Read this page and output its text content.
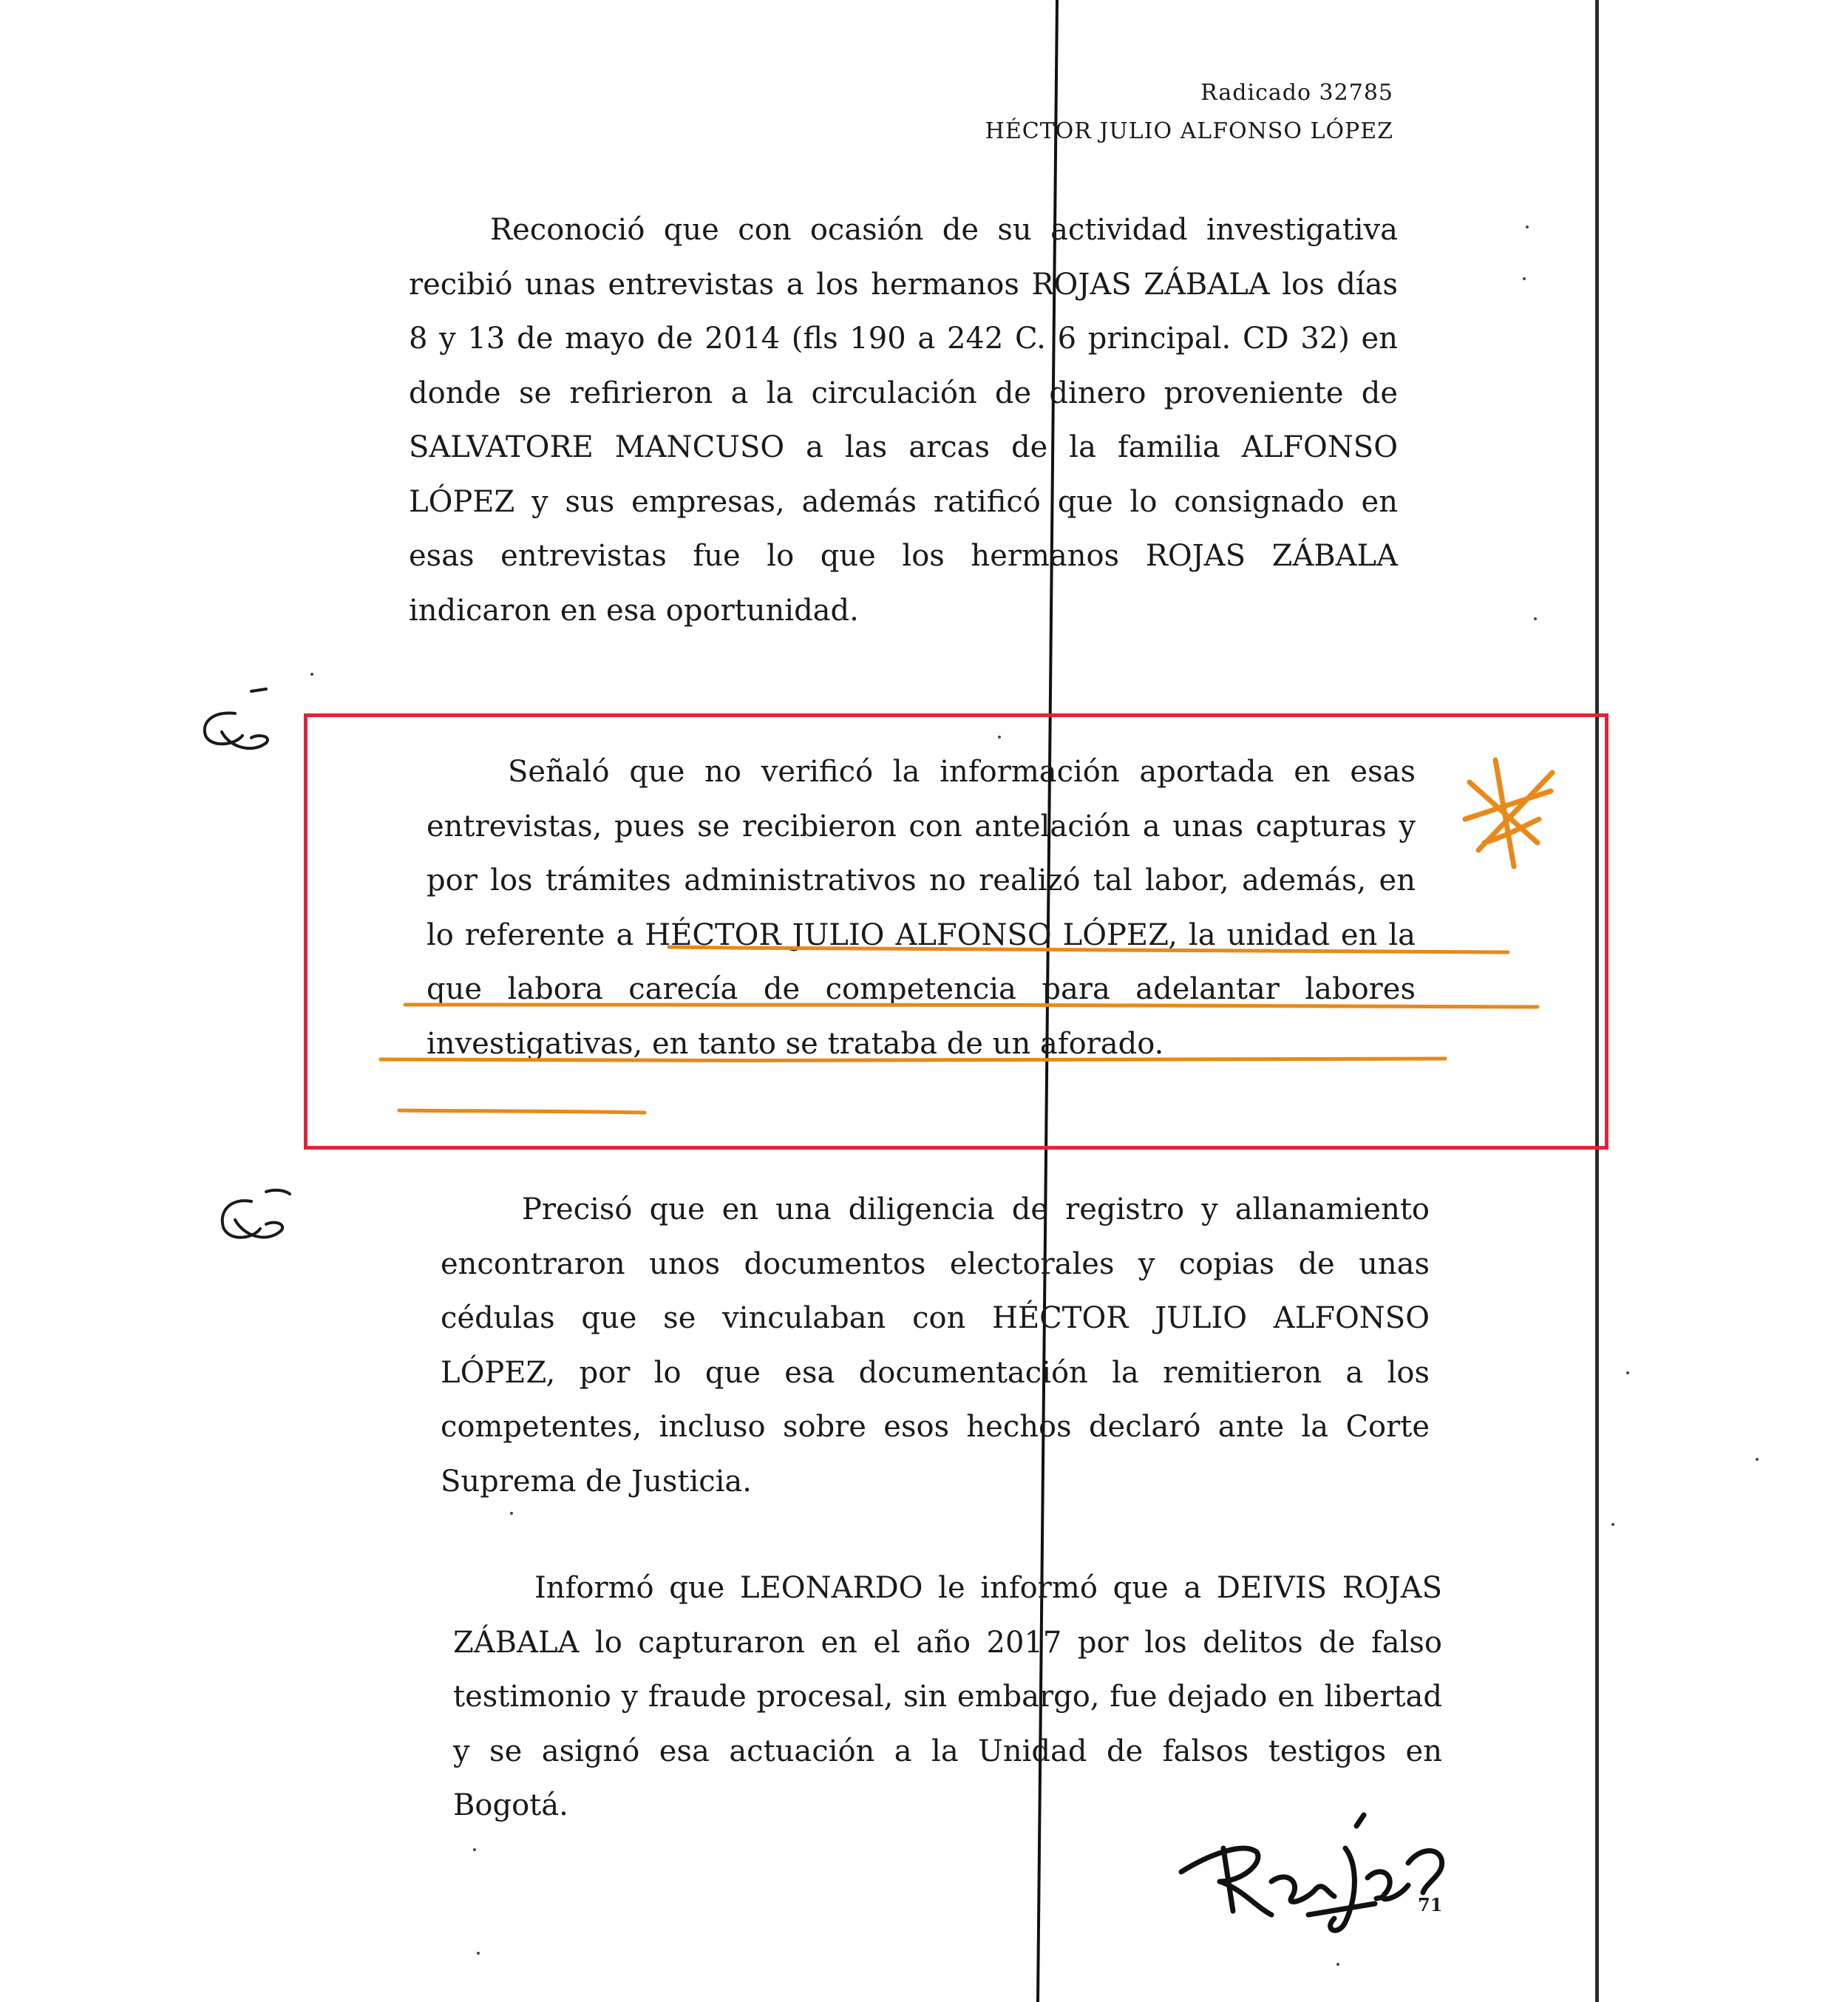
Radicado 32785
HÉCTOR JULIO ALFONSO LÓPEZ
Reconoció que con ocasión de su actividad investigativa recibió unas entrevistas a los hermanos ROJAS ZÁBALA los días 8 y 13 de mayo de 2014 (fls 190 a 242 C. 6 principal. CD 32) en donde se refirieron a la circulación de dinero proveniente de SALVATORE MANCUSO a las arcas de la familia ALFONSO LÓPEZ y sus empresas, además ratificó que lo consignado en esas entrevistas fue lo que los hermanos ROJAS ZÁBALA indicaron en esa oportunidad.
Señaló que no verificó la información aportada en esas entrevistas, pues se recibieron con antelación a unas capturas y por los trámites administrativos no realizó tal labor, además, en lo referente a HÉCTOR JULIO ALFONSO LÓPEZ, la unidad en la que labora carecía de competencia para adelantar labores investigativas, en tanto se trataba de un aforado.
Precisó que en una diligencia de registro y allanamiento encontraron unos documentos electorales y copias de unas cédulas que se vinculaban con HÉCTOR JULIO ALFONSO LÓPEZ, por lo que esa documentación la remitieron a los competentes, incluso sobre esos hechos declaró ante la Corte Suprema de Justicia.
Informó que LEONARDO le informó que a DEIVIS ROJAS ZÁBALA lo capturaron en el año 2017 por los delitos de falso testimonio y fraude procesal, sin embargo, fue dejado en libertad y se asignó esa actuación a la Unidad de falsos testigos en Bogotá.
71
